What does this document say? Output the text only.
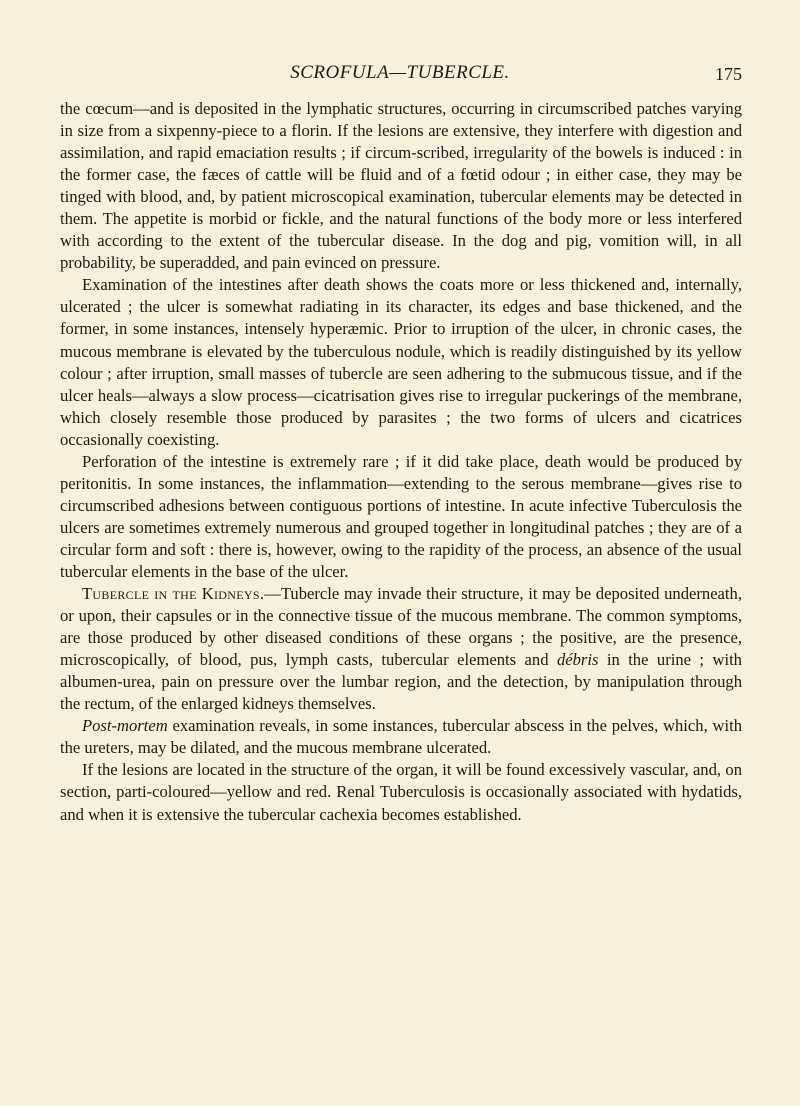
SCROFULA—TUBERCLE.	175

the cœcum—and is deposited in the lymphatic structures, occurring in circumscribed patches varying in size from a sixpenny-piece to a florin. If the lesions are extensive, they interfere with digestion and assimilation, and rapid emaciation results ; if circum-scribed, irregularity of the bowels is induced : in the former case, the fæces of cattle will be fluid and of a fœtid odour ; in either case, they may be tinged with blood, and, by patient microscopical examination, tubercular elements may be detected in them. The appetite is morbid or fickle, and the natural functions of the body more or less interfered with according to the extent of the tubercular disease. In the dog and pig, vomition will, in all probability, be superadded, and pain evinced on pressure.

Examination of the intestines after death shows the coats more or less thickened and, internally, ulcerated ; the ulcer is somewhat radiating in its character, its edges and base thickened, and the former, in some instances, intensely hyperæmic. Prior to irruption of the ulcer, in chronic cases, the mucous membrane is elevated by the tuberculous nodule, which is readily distinguished by its yellow colour ; after irruption, small masses of tubercle are seen adhering to the submucous tissue, and if the ulcer heals—always a slow process—cicatrisation gives rise to irregular puckerings of the membrane, which closely resemble those produced by parasites ; the two forms of ulcers and cicatrices occasionally coexisting.

Perforation of the intestine is extremely rare ; if it did take place, death would be produced by peritonitis. In some instances, the inflammation—extending to the serous membrane—gives rise to circumscribed adhesions between contiguous portions of intestine. In acute infective Tuberculosis the ulcers are sometimes extremely numerous and grouped together in longitudinal patches ; they are of a circular form and soft : there is, however, owing to the rapidity of the process, an absence of the usual tubercular elements in the base of the ulcer.

Tubercle in the Kidneys.—Tubercle may invade their structure, it may be deposited underneath, or upon, their capsules or in the connective tissue of the mucous membrane. The common symptoms, are those produced by other diseased conditions of these organs ; the positive, are the presence, microscopically, of blood, pus, lymph casts, tubercular elements and débris in the urine ; with albumen-urea, pain on pressure over the lumbar region, and the detection, by manipulation through the rectum, of the enlarged kidneys themselves.

Post-mortem examination reveals, in some instances, tubercular abscess in the pelves, which, with the ureters, may be dilated, and the mucous membrane ulcerated.

If the lesions are located in the structure of the organ, it will be found excessively vascular, and, on section, parti-coloured—yellow and red. Renal Tuberculosis is occasionally associated with hydatids, and when it is extensive the tubercular cachexia becomes established.
